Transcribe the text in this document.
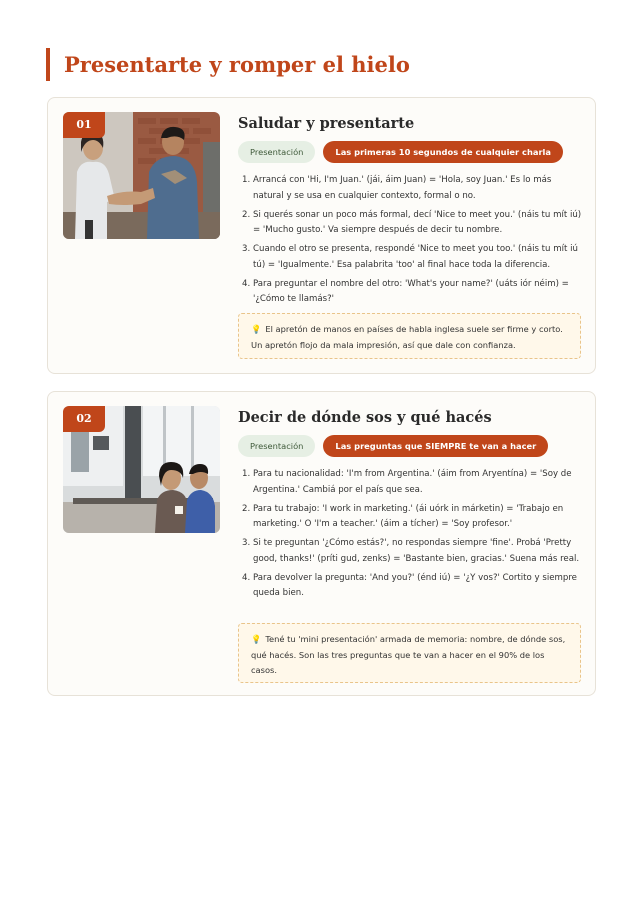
Presentarte y romper el hielo
01	Saludar y presentarte
Presentación	Las primeras 10 segundos de cualquier charla
1. Arrancá con 'Hi, I'm Juan.' (jái, áim Juan) = 'Hola, soy Juan.' Es lo más natural y se usa en cualquier contexto, formal o no.
2. Si querés sonar un poco más formal, decí 'Nice to meet you.' (náis tu mít iú) = 'Mucho gusto.' Va siempre después de decir tu nombre.
3. Cuando el otro se presenta, respondé 'Nice to meet you too.' (náis tu mít iú tú) = 'Igualmente.' Esa palabrita 'too' al final hace toda la diferencia.
4. Para preguntar el nombre del otro: 'What's your name?' (uáts iór néim) = '¿Cómo te llamás?'
💡 El apretón de manos en países de habla inglesa suele ser firme y corto. Un apretón flojo da mala impresión, así que dale con confianza.
02	Decir de dónde sos y qué hacés
Presentación	Las preguntas que SIEMPRE te van a hacer
1. Para tu nacionalidad: 'I'm from Argentina.' (áim from Aryentína) = 'Soy de Argentina.' Cambiá por el país que sea.
2. Para tu trabajo: 'I work in marketing.' (ái uórk in márketin) = 'Trabajo en marketing.' O 'I'm a teacher.' (áim a tícher) = 'Soy profesor.'
3. Si te preguntan '¿Cómo estás?', no respondas siempre 'fine'. Probá 'Pretty good, thanks!' (príti gud, zenks) = 'Bastante bien, gracias.' Suena más real.
4. Para devolver la pregunta: 'And you?' (énd iú) = '¿Y vos?' Cortito y siempre queda bien.
💡 Tené tu 'mini presentación' armada de memoria: nombre, de dónde sos, qué hacés. Son las tres preguntas que te van a hacer en el 90% de los casos.
